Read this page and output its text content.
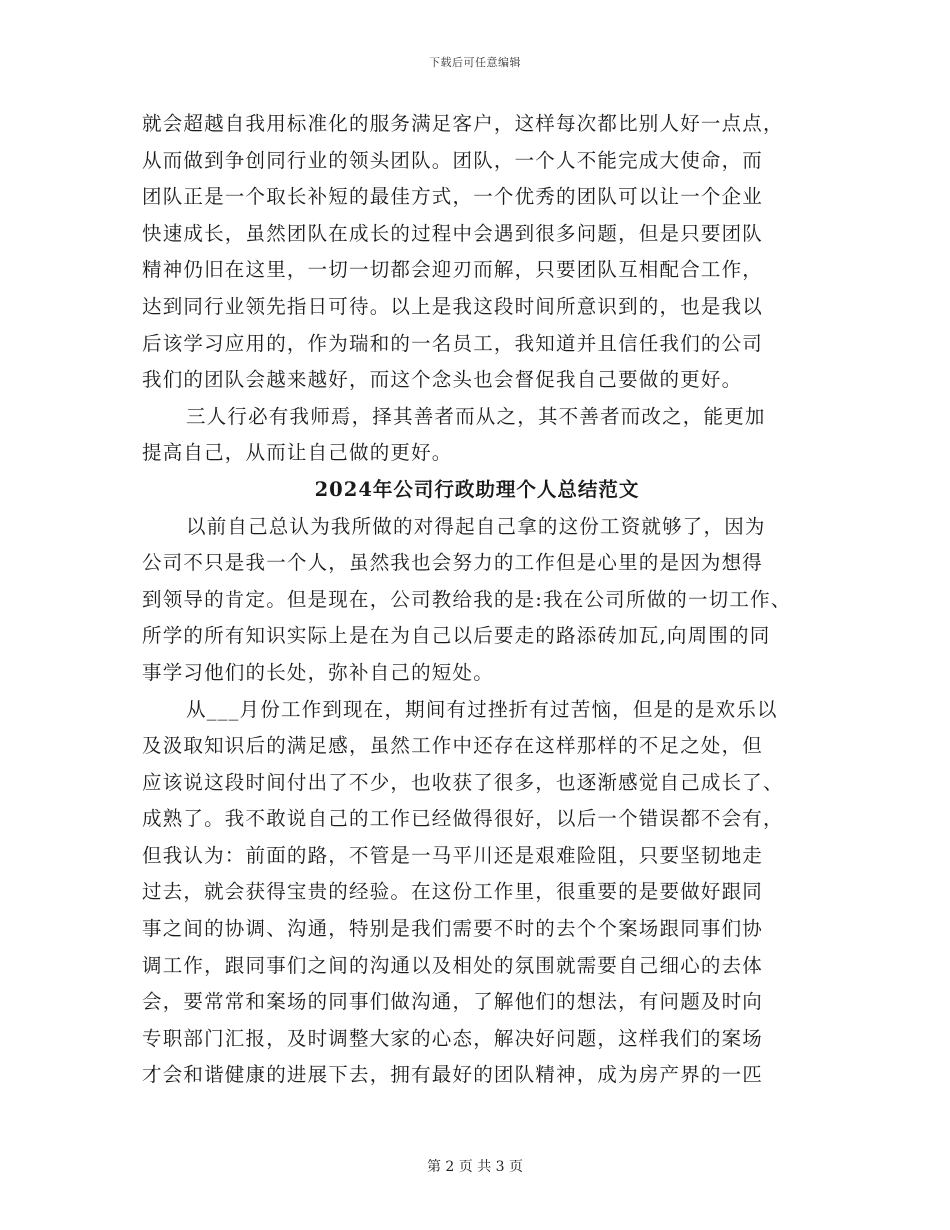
下载后可任意编辑
就会超越自我用标准化的服务满足客户，这样每次都比别人好一点点，
从而做到争创同行业的领头团队。团队，一个人不能完成大使命，而
团队正是一个取长补短的最佳方式，一个优秀的团队可以让一个企业
快速成长，虽然团队在成长的过程中会遇到很多问题，但是只要团队
精神仍旧在这里，一切一切都会迎刃而解，只要团队互相配合工作，
达到同行业领先指日可待。以上是我这段时间所意识到的，也是我以
后该学习应用的，作为瑞和的一名员工，我知道并且信任我们的公司
我们的团队会越来越好，而这个念头也会督促我自己要做的更好。
三人行必有我师焉，择其善者而从之，其不善者而改之，能更加
提高自己，从而让自己做的更好。
2024年公司行政助理个人总结范文
以前自己总认为我所做的对得起自己拿的这份工资就够了，因为
公司不只是我一个人，虽然我也会努力的工作但是心里的是因为想得
到领导的肯定。但是现在，公司教给我的是:我在公司所做的一切工作、
所学的所有知识实际上是在为自己以后要走的路添砖加瓦,向周围的同
事学习他们的长处，弥补自己的短处。
从___月份工作到现在，期间有过挫折有过苦恼，但是的是欢乐以
及汲取知识后的满足感，虽然工作中还存在这样那样的不足之处，但
应该说这段时间付出了不少，也收获了很多，也逐渐感觉自己成长了、
成熟了。我不敢说自己的工作已经做得很好，以后一个错误都不会有，
但我认为：前面的路，不管是一马平川还是艰难险阻，只要坚韧地走
过去，就会获得宝贵的经验。在这份工作里，很重要的是要做好跟同
事之间的协调、沟通，特别是我们需要不时的去个个案场跟同事们协
调工作，跟同事们之间的沟通以及相处的氛围就需要自己细心的去体
会，要常常和案场的同事们做沟通，了解他们的想法，有问题及时向
专职部门汇报，及时调整大家的心态，解决好问题，这样我们的案场
才会和谐健康的进展下去，拥有最好的团队精神，成为房产界的一匹
第 2 页 共 3 页
